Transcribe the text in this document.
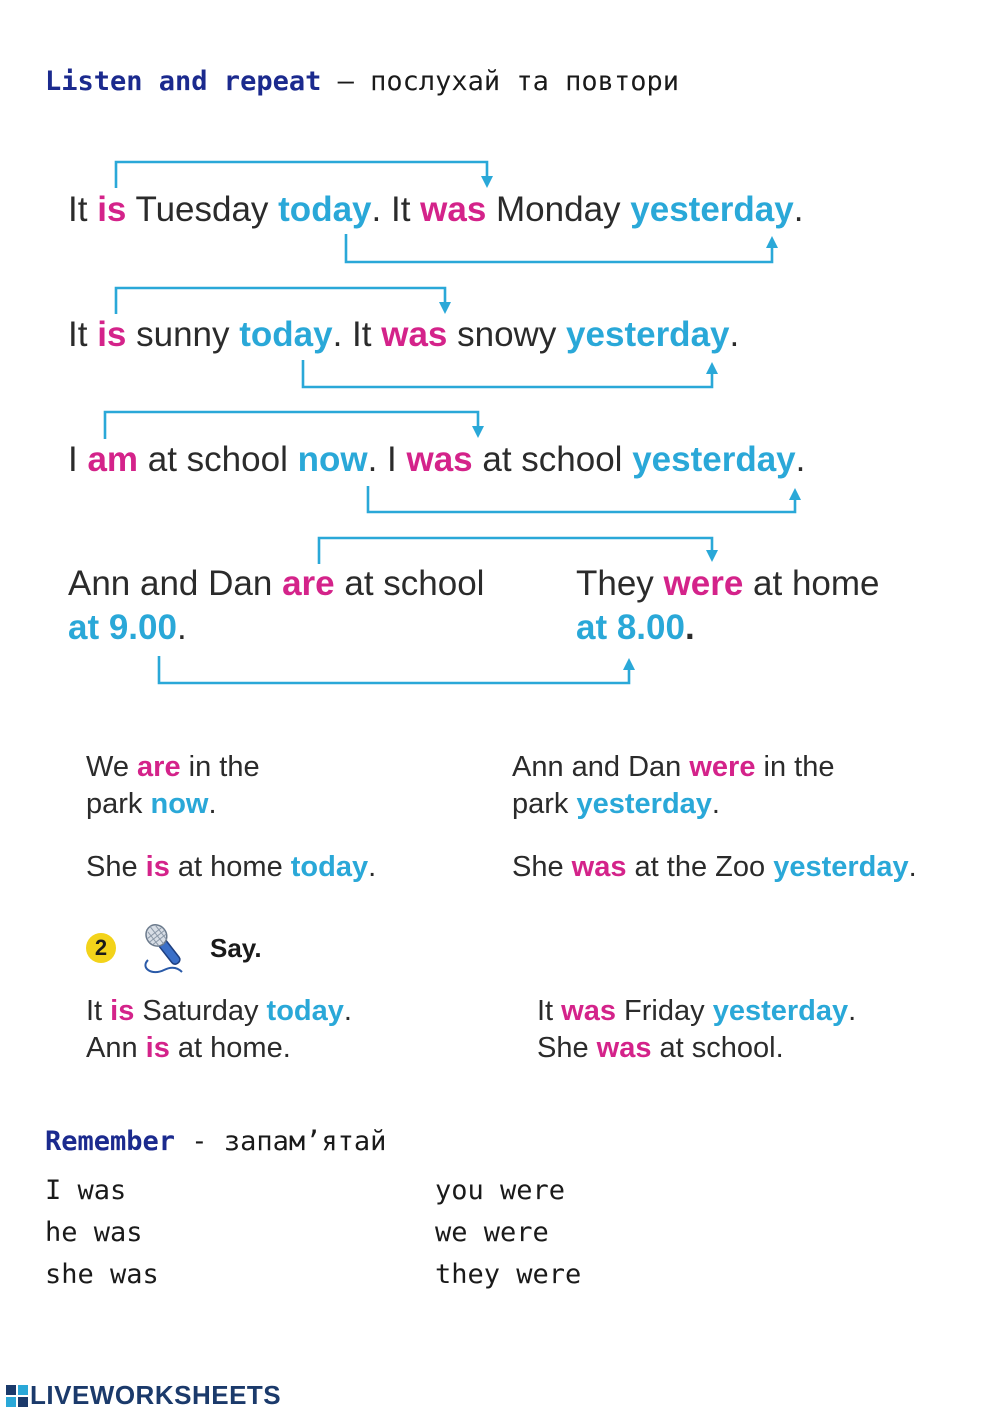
Listen and repeat – послухай та повтори
It is Tuesday today. It was Monday yesterday.
It is sunny today. It was snowy yesterday.
I am at school now. I was at school yesterday.
Ann and Dan are at school
at 9.00.
They were at home
at 8.00.
We are in the
park now.
Ann and Dan were in the
park yesterday.
She is at home today.	She was at the Zoo yesterday.
2	Say.
It is Saturday today.
Ann is at home.
It was Friday yesterday.
She was at school.
Remember - запам’ятай
I was
he was
she was
you were
we were
they were
LIVEWORKSHEETS
